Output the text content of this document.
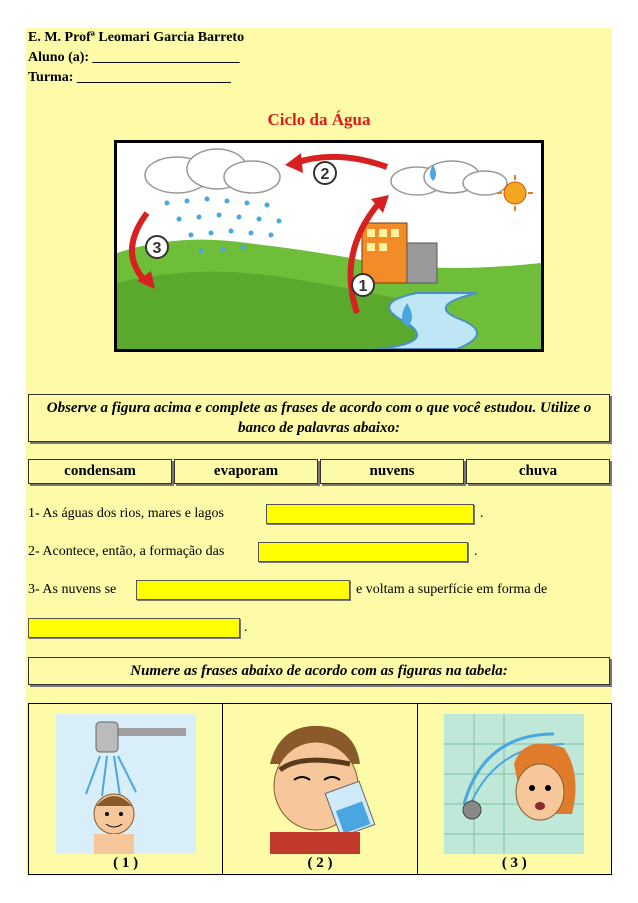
E. M. Profª Leomari Garcia Barreto
Aluno (a): _____________________
Turma: ______________________
Ciclo da Água
1
2
3
Observe a figura acima e complete as frases de acordo com o que você estudou. Utilize o banco de palavras abaixo:
condensam	evaporam	nuvens	chuva
1- As águas dos rios, mares e lagos	.
2- Acontece, então, a formação das	.
3- As nuvens se	e voltam a superfície em forma de
.
Numere as frases abaixo de acordo com as figuras na tabela:
( 1 )	( 2 )	( 3 )
